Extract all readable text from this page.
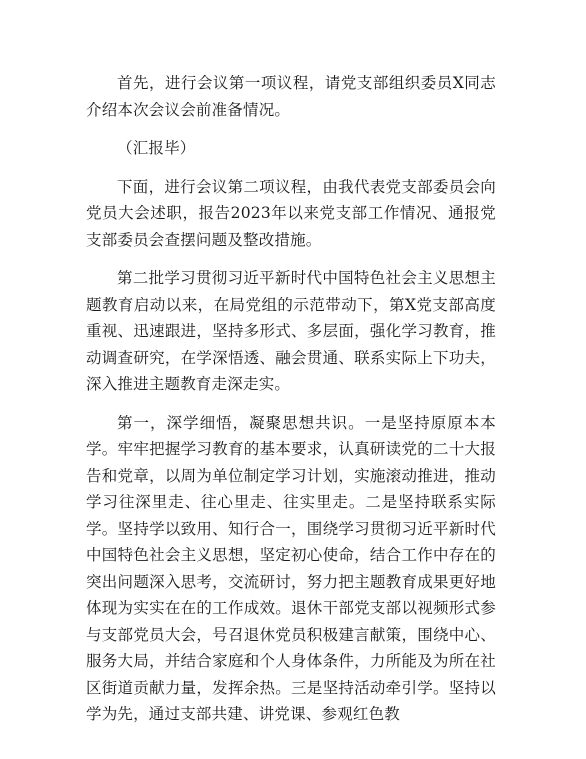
首先，进行会议第一项议程，请党支部组织委员X同志介绍本次会议会前准备情况。

（汇报毕）

下面，进行会议第二项议程，由我代表党支部委员会向党员大会述职，报告2023年以来党支部工作情况、通报党支部委员会查摆问题及整改措施。

第二批学习贯彻习近平新时代中国特色社会主义思想主题教育启动以来，在局党组的示范带动下，第X党支部高度重视、迅速跟进，坚持多形式、多层面，强化学习教育，推动调查研究，在学深悟透、融会贯通、联系实际上下功夫，深入推进主题教育走深走实。

第一，深学细悟，凝聚思想共识。一是坚持原原本本学。牢牢把握学习教育的基本要求，认真研读党的二十大报告和党章，以周为单位制定学习计划，实施滚动推进，推动学习往深里走、往心里走、往实里走。二是坚持联系实际学。坚持学以致用、知行合一，围绕学习贯彻习近平新时代中国特色社会主义思想，坚定初心使命，结合工作中存在的突出问题深入思考，交流研讨，努力把主题教育成果更好地体现为实实在在的工作成效。退休干部党支部以视频形式参与支部党员大会，号召退休党员积极建言献策，围绕中心、服务大局，并结合家庭和个人身体条件，力所能及为所在社区街道贡献力量，发挥余热。三是坚持活动牵引学。坚持以学为先，通过支部共建、讲党课、参观红色教
